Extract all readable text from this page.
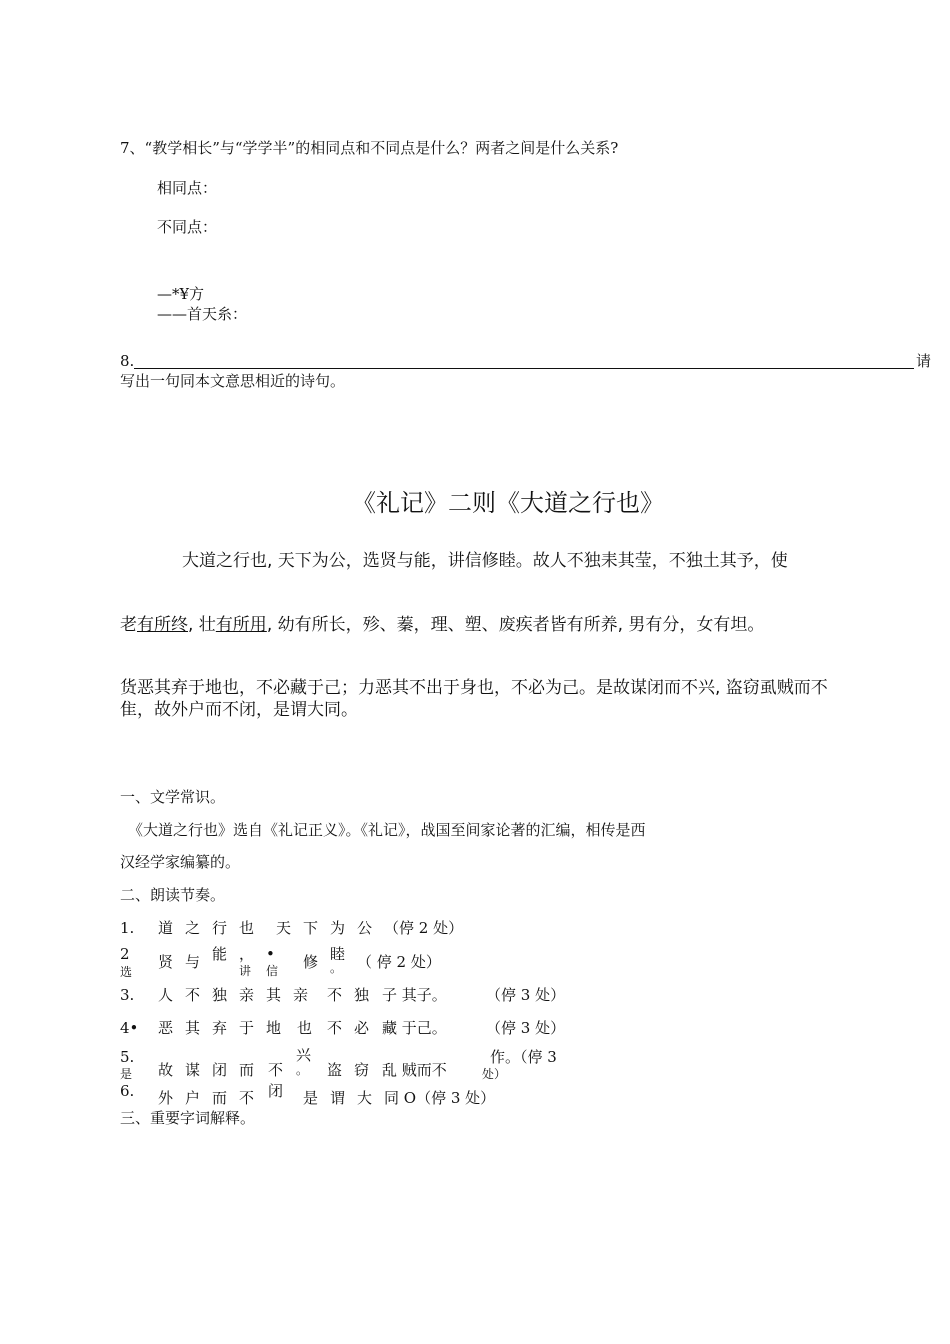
7、“教学相长”与“学学半”的相同点和不同点是什么？两者之间是什么关系?
相同点：
不同点：
—*¥方
——首天糸：
8.	请
写出一句同本文意思相近的诗句。
《礼记》二则《大道之行也》
大道之行也, 天下为公，选贤与能，讲信修睦。故人不独耒其莹，不独土其予，使
老有所终, 壮有所用, 幼有所长，殄、蓁，理、塑、废疾者皆有所养, 男有分，女有坦。
货恶其弃于地也，不必藏于己；力恶其不出于身也，不必为己。是故谋闭而不兴, 盗窃虱贼而不
隹，故外户而不闭，是谓大同。
一、文学常识。
《大道之行也》选自《礼记正义》。《礼记》，战国至间家论著的汇编，相传是西
汉经学家编纂的。
二、朗读节奏。
1. 道 之 行 也 天 下 为 公 （停 2 处）
2
选
贤 与 能 ， •
讲 信 修 睦
。 （ 停 2 处）
3. 人 不 独 亲 其 亲 不 独 子 其子。	（停 3 处）
4• 恶 其 弃 于 地 也 不 必 藏 于己。	（停 3 处）
5.
是 故 谋 闭 而 不
兴
。 盗 窃 乱 贼而不
作。（停 3
处）
6. 外 户 而 不 闭 是 谓 大 同 O（停 3 处）
三、重要字词解释。
